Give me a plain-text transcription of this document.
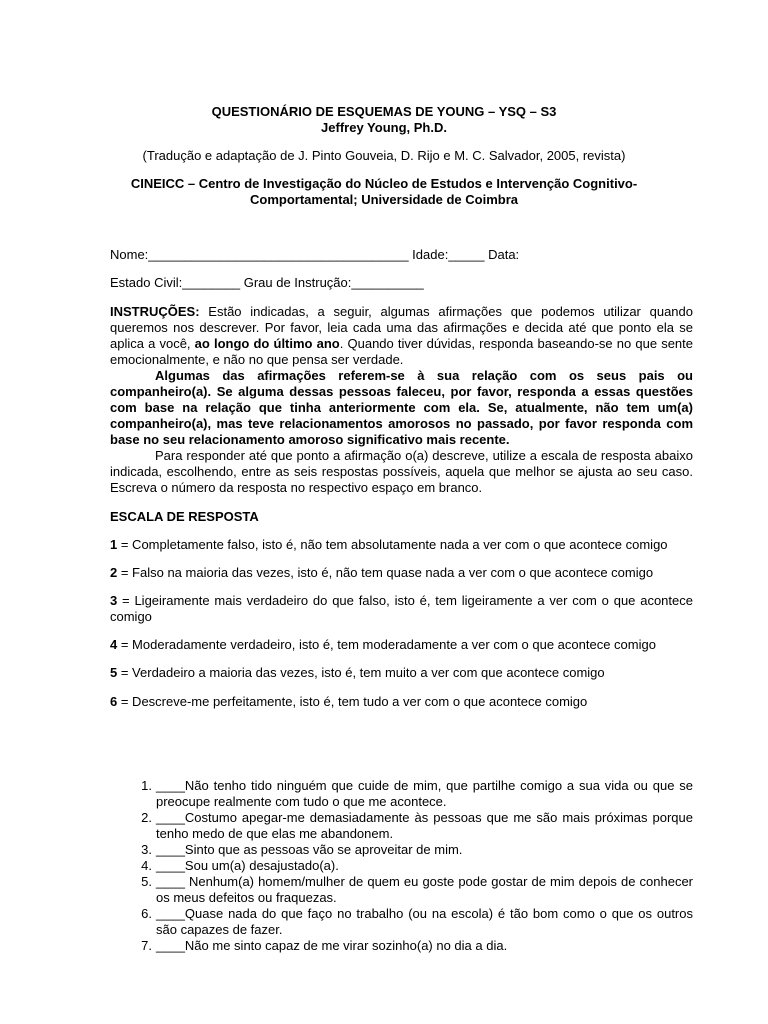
QUESTIONÁRIO DE ESQUEMAS DE YOUNG – YSQ – S3
Jeffrey Young, Ph.D.
(Tradução e adaptação de J. Pinto Gouveia, D. Rijo e M. C. Salvador, 2005, revista)
CINEICC – Centro de Investigação do Núcleo de Estudos e Intervenção Cognitivo-
Comportamental; Universidade de Coimbra
Nome:____________________________________ Idade:_____ Data:
Estado Civil:________ Grau de Instrução:__________
INSTRUÇÕES: Estão indicadas, a seguir, algumas afirmações que podemos utilizar quando queremos nos descrever. Por favor, leia cada uma das afirmações e decida até que ponto ela se aplica a você, ao longo do último ano. Quando tiver dúvidas, responda baseando-se no que sente emocionalmente, e não no que pensa ser verdade.
Algumas das afirmações referem-se à sua relação com os seus pais ou companheiro(a). Se alguma dessas pessoas faleceu, por favor, responda a essas questões com base na relação que tinha anteriormente com ela. Se, atualmente, não tem um(a) companheiro(a), mas teve relacionamentos amorosos no passado, por favor responda com base no seu relacionamento amoroso significativo mais recente.
Para responder até que ponto a afirmação o(a) descreve, utilize a escala de resposta abaixo indicada, escolhendo, entre as seis respostas possíveis, aquela que melhor se ajusta ao seu caso. Escreva o número da resposta no respectivo espaço em branco.
ESCALA DE RESPOSTA
1 = Completamente falso, isto é, não tem absolutamente nada a ver com o que acontece comigo
2 = Falso na maioria das vezes, isto é, não tem quase nada a ver com o que acontece comigo
3 = Ligeiramente mais verdadeiro do que falso, isto é, tem ligeiramente a ver com o que acontece comigo
4 = Moderadamente verdadeiro, isto é, tem moderadamente a ver com o que acontece comigo
5 = Verdadeiro a maioria das vezes, isto é, tem muito a ver com que acontece comigo
6 = Descreve-me perfeitamente, isto é, tem tudo a ver com o que acontece comigo
1. ____Não tenho tido ninguém que cuide de mim, que partilhe comigo a sua vida ou que se preocupe realmente com tudo o que me acontece.
2. ____Costumo apegar-me demasiadamente às pessoas que me são mais próximas porque tenho medo de que elas me abandonem.
3. ____Sinto que as pessoas vão se aproveitar de mim.
4. ____Sou um(a) desajustado(a).
5. ____ Nenhum(a) homem/mulher de quem eu goste pode gostar de mim depois de conhecer os meus defeitos ou fraquezas.
6. ____Quase nada do que faço no trabalho (ou na escola) é tão bom como o que os outros são capazes de fazer.
7. ____Não me sinto capaz de me virar sozinho(a) no dia a dia.
